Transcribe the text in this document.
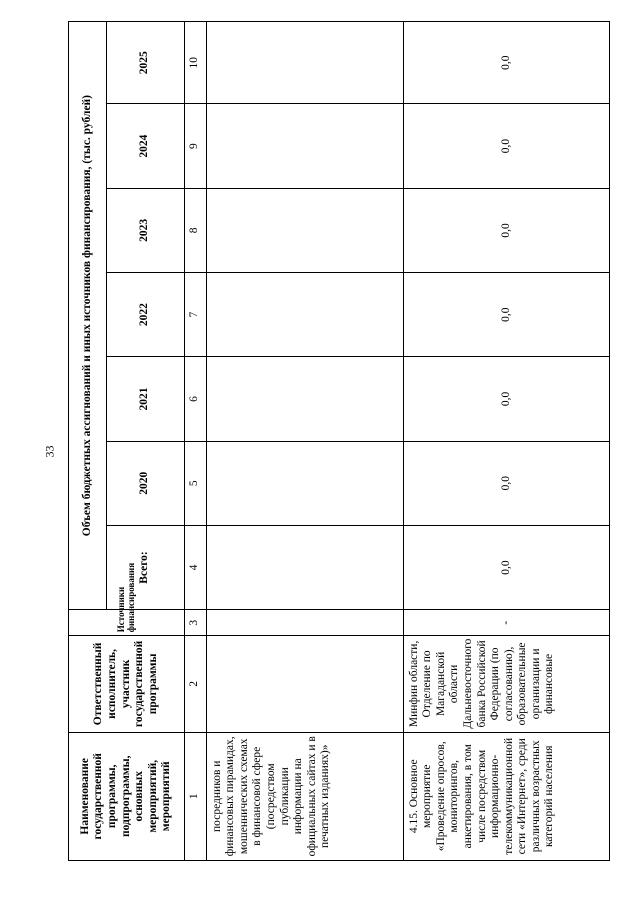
33
Наименование государственной программы, подпрограммы, основных мероприятий, мероприятий	Ответственный исполнитель, участник государственной программы	Источники финансирования	Объем бюджетных ассигнований и иных источников финансирования, (тыс. рублей)						
			Всего:	2020	2021	2022	2023	2024	2025
1	2	3	4	5	6	7	8	9	10
посредников и финансовых пирамидах, мошеннических схемах в финансовой сфере (посредством публикации информации на официальных сайтах и в печатных изданиях)»									
4.15. Основное мероприятие «Проведение опросов, мониторингов, анкетирования, в том числе посредством информационно-телекоммуникационной сети «Интернет», среди различных возрастных категорий населения	Минфин области, Отделение по Магаданской области Дальневосточного банка Российской Федерации (по согласованию), образовательные организации и финансовые	-	0,0	0,0	0,0	0,0	0,0	0,0	0,0
